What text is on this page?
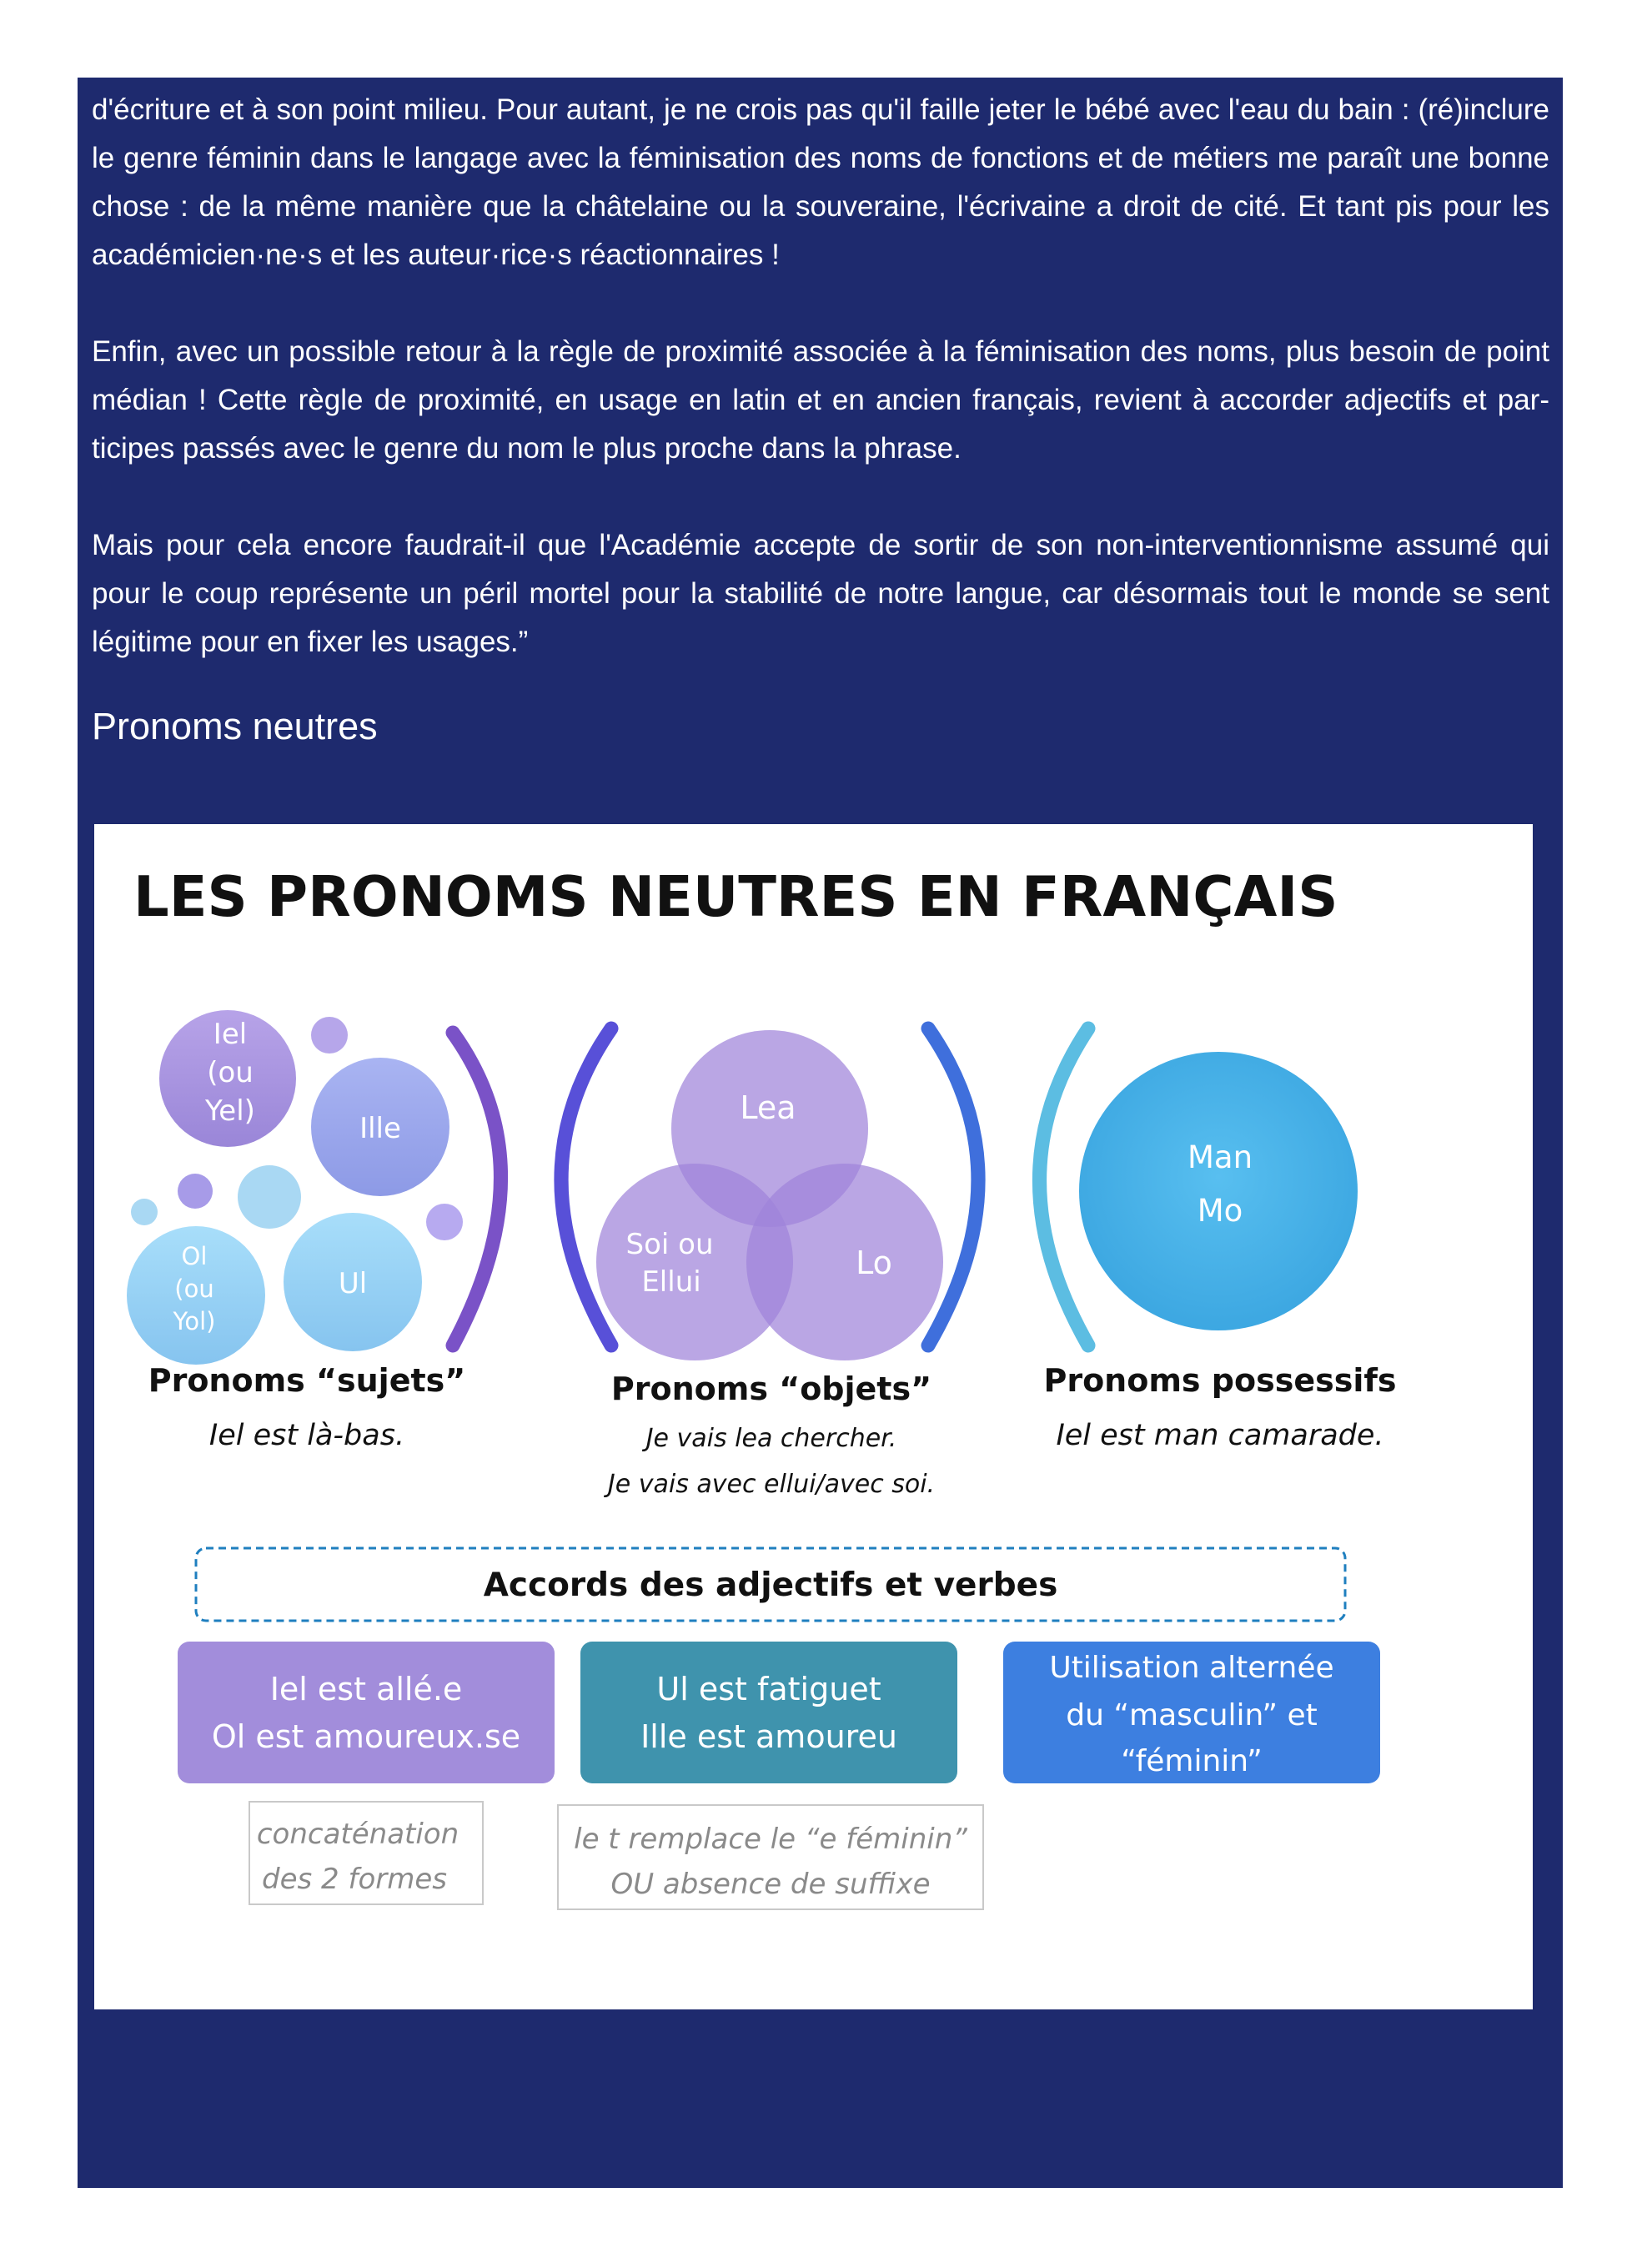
d'écriture et à son point milieu. Pour autant, je ne crois pas qu'il faille jeter le bébé avec l'eau du bain : (ré)inclure le genre féminin dans le langage avec la féminisation des noms de fonctions et de métiers me paraît une bonne chose : de la même manière que la châtelaine ou la souveraine, l'écrivaine a droit de cité. Et tant pis pour les académicien·ne·s et les auteur·rice·s réactionnaires !

Enfin, avec un possible retour à la règle de proximité associée à la féminisation des noms, plus besoin de point médian ! Cette règle de proximité, en usage en latin et en ancien français, revient à accorder adjectifs et participes passés avec le genre du nom le plus proche dans la phrase.

Mais pour cela encore faudrait-il que l'Académie accepte de sortir de son non-interventionnisme assumé qui pour le coup représente un péril mortel pour la stabilité de notre langue, car désormais tout le monde se sent légitime pour en fixer les usages.”

Pronoms neutres
LES PRONOMS NEUTRES EN FRANÇAIS
Iel
(ou
Yel)
Ille
Ul
Ol
(ou
Yol)
Lea
Lo
Soi ou
Ellui
Man
Mo
Pronoms “sujets”	Pronoms “objets”	Pronoms possessifs
Iel est là-bas.	Iel est man camarade.
Je vais lea chercher.
Je vais avec ellui/avec soi.
Accords des adjectifs et verbes
Iel est allé.e
Ol est amoureux.se
Ul est fatiguet
Ille est amoureu
Utilisation alternée
du “masculin” et
“féminin”
concaténation
des 2 formes
le t remplace le “e féminin”
OU absence de suffixe
